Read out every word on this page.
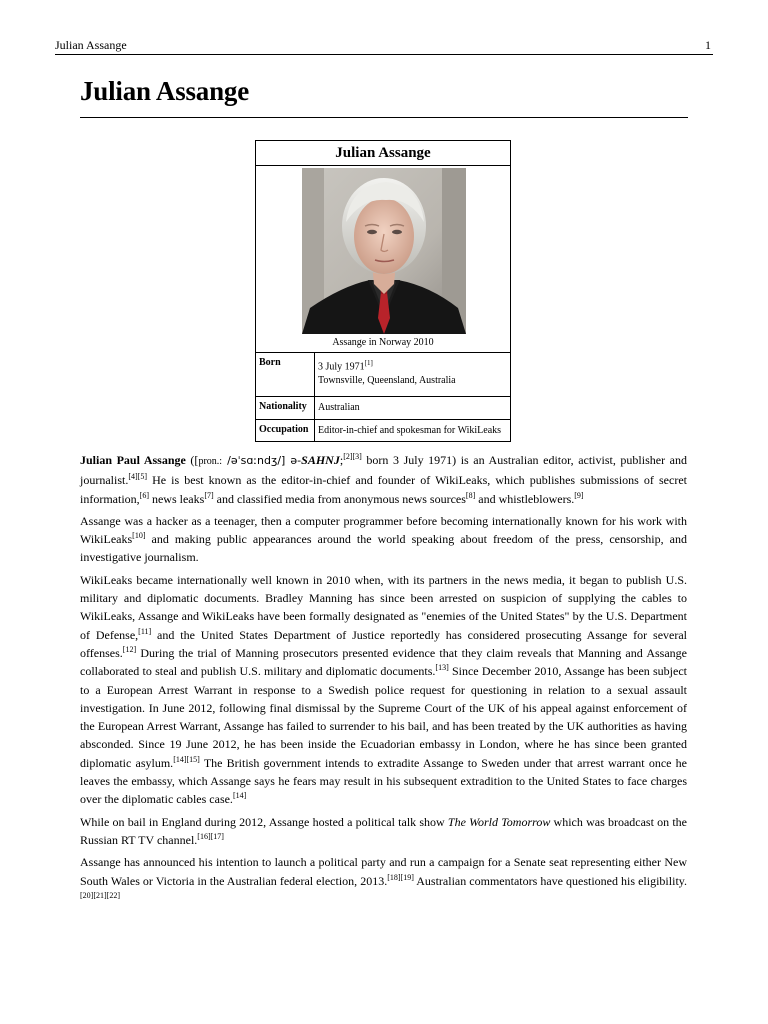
Julian Assange	1
Julian Assange
Julian Assange
Assange in Norway 2010
Born	3 July 1971[1]
Townsville, Queensland, Australia
Nationality Australian
Occupation Editor-in-chief and spokesman for WikiLeaks

Julian Paul Assange ([pron.: /əˈsɑːndʒ/] ə-SAHNJ;[2][3] born 3 July 1971) is an Australian editor, activist, publisher and journalist.[4][5] He is best known as the editor-in-chief and founder of WikiLeaks, which publishes submissions of secret information,[6] news leaks[7] and classified media from anonymous news sources[8] and whistleblowers.[9]

Assange was a hacker as a teenager, then a computer programmer before becoming internationally known for his work with WikiLeaks[10] and making public appearances around the world speaking about freedom of the press, censorship, and investigative journalism.

WikiLeaks became internationally well known in 2010 when, with its partners in the news media, it began to publish U.S. military and diplomatic documents. Bradley Manning has since been arrested on suspicion of supplying the cables to WikiLeaks, Assange and WikiLeaks have been formally designated as "enemies of the United States" by the U.S. Department of Defense,[11] and the United States Department of Justice reportedly has considered prosecuting Assange for several offenses.[12] During the trial of Manning prosecutors presented evidence that they claim reveals that Manning and Assange collaborated to steal and publish U.S. military and diplomatic documents.[13] Since December 2010, Assange has been subject to a European Arrest Warrant in response to a Swedish police request for questioning in relation to a sexual assault investigation. In June 2012, following final dismissal by the Supreme Court of the UK of his appeal against enforcement of the European Arrest Warrant, Assange has failed to surrender to his bail, and has been treated by the UK authorities as having absconded. Since 19 June 2012, he has been inside the Ecuadorian embassy in London, where he has since been granted diplomatic asylum.[14][15] The British government intends to extradite Assange to Sweden under that arrest warrant once he leaves the embassy, which Assange says he fears may result in his subsequent extradition to the United States to face charges over the diplomatic cables case.[14]

While on bail in England during 2012, Assange hosted a political talk show The World Tomorrow which was broadcast on the Russian RT TV channel.[16][17]

Assange has announced his intention to launch a political party and run a campaign for a Senate seat representing either New South Wales or Victoria in the Australian federal election, 2013.[18][19] Australian commentators have questioned his eligibility.[20][21][22]
